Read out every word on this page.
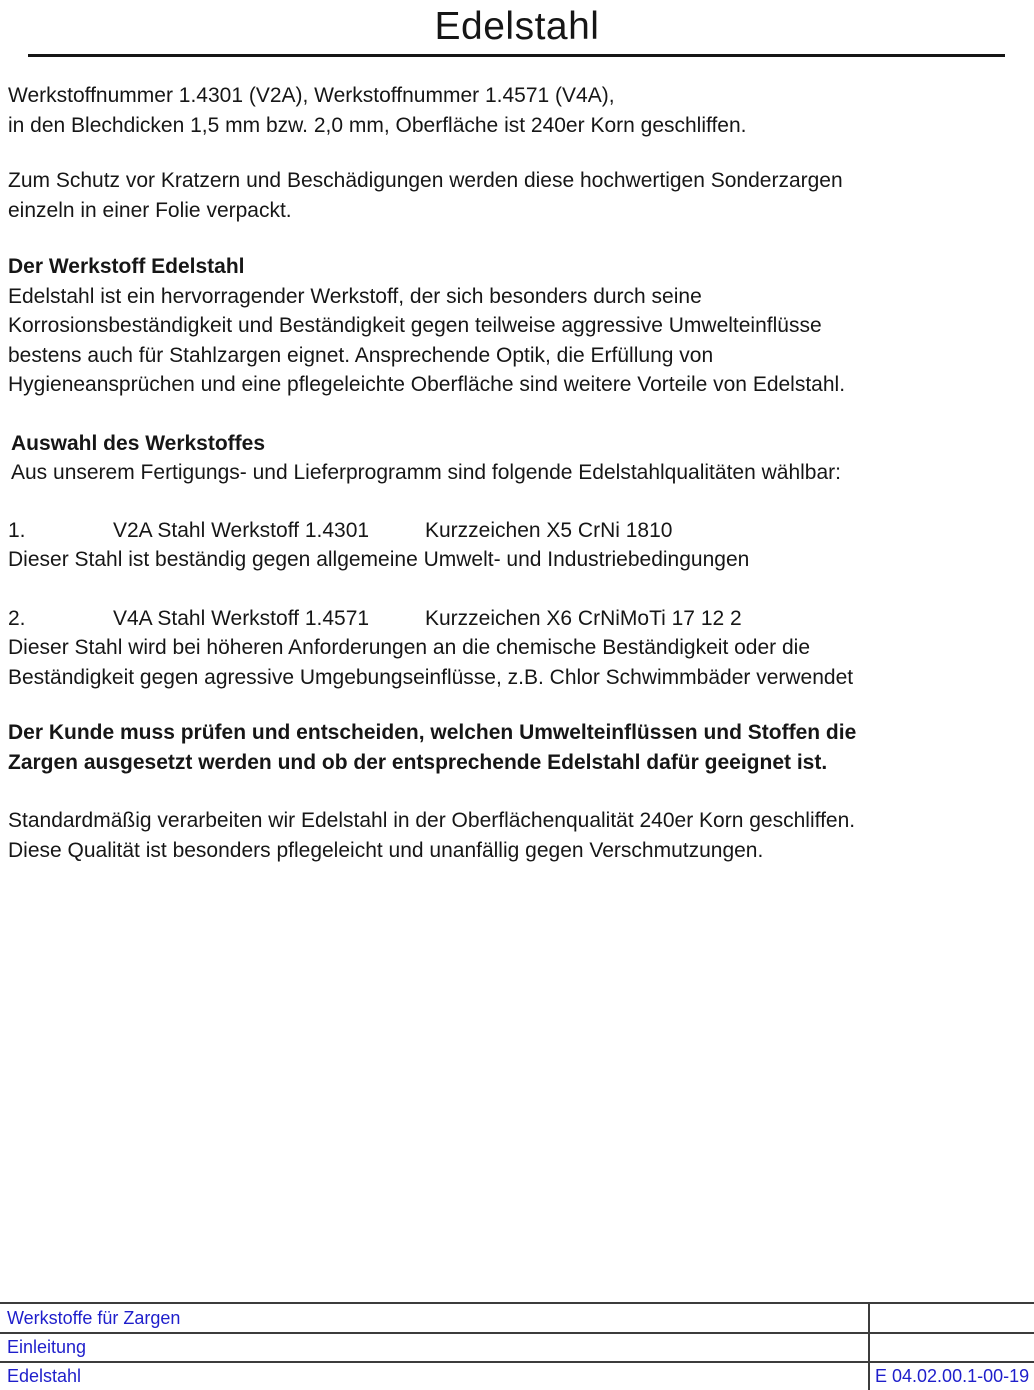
Edelstahl
Werkstoffnummer 1.4301 (V2A), Werkstoffnummer 1.4571 (V4A),
in den Blechdicken 1,5 mm bzw. 2,0 mm, Oberfläche ist 240er Korn geschliffen.
Zum Schutz vor Kratzern und Beschädigungen werden diese hochwertigen Sonderzargen
einzeln in einer Folie verpackt.
Der Werkstoff Edelstahl
Edelstahl ist ein hervorragender Werkstoff, der sich besonders durch seine
Korrosionsbeständigkeit und Beständigkeit gegen teilweise aggressive Umwelteinflüsse
bestens auch für Stahlzargen eignet. Ansprechende Optik, die Erfüllung von
Hygieneansprüchen und eine pflegeleichte Oberfläche sind weitere Vorteile von Edelstahl.
Auswahl des Werkstoffes
Aus unserem Fertigungs- und Lieferprogramm sind folgende Edelstahlqualitäten wählbar:
1.	V2A Stahl Werkstoff 1.4301	Kurzzeichen X5 CrNi 1810
Dieser Stahl ist beständig gegen allgemeine Umwelt- und Industriebedingungen
2.	V4A Stahl Werkstoff 1.4571	Kurzzeichen X6 CrNiMoTi 17 12 2
Dieser Stahl wird bei höheren Anforderungen an die chemische Beständigkeit oder die
Beständigkeit gegen agressive Umgebungseinflüsse, z.B. Chlor Schwimmbäder verwendet
Der Kunde muss prüfen und entscheiden, welchen Umwelteinflüssen und Stoffen die
Zargen ausgesetzt werden und ob der entsprechende Edelstahl dafür geeignet ist.
Standardmäßig verarbeiten wir Edelstahl in der Oberflächenqualität 240er Korn geschliffen.
Diese Qualität ist besonders pflegeleicht und unanfällig gegen Verschmutzungen.
Werkstoffe für Zargen
Einleitung
Edelstahl	E 04.02.00.1-00-19
